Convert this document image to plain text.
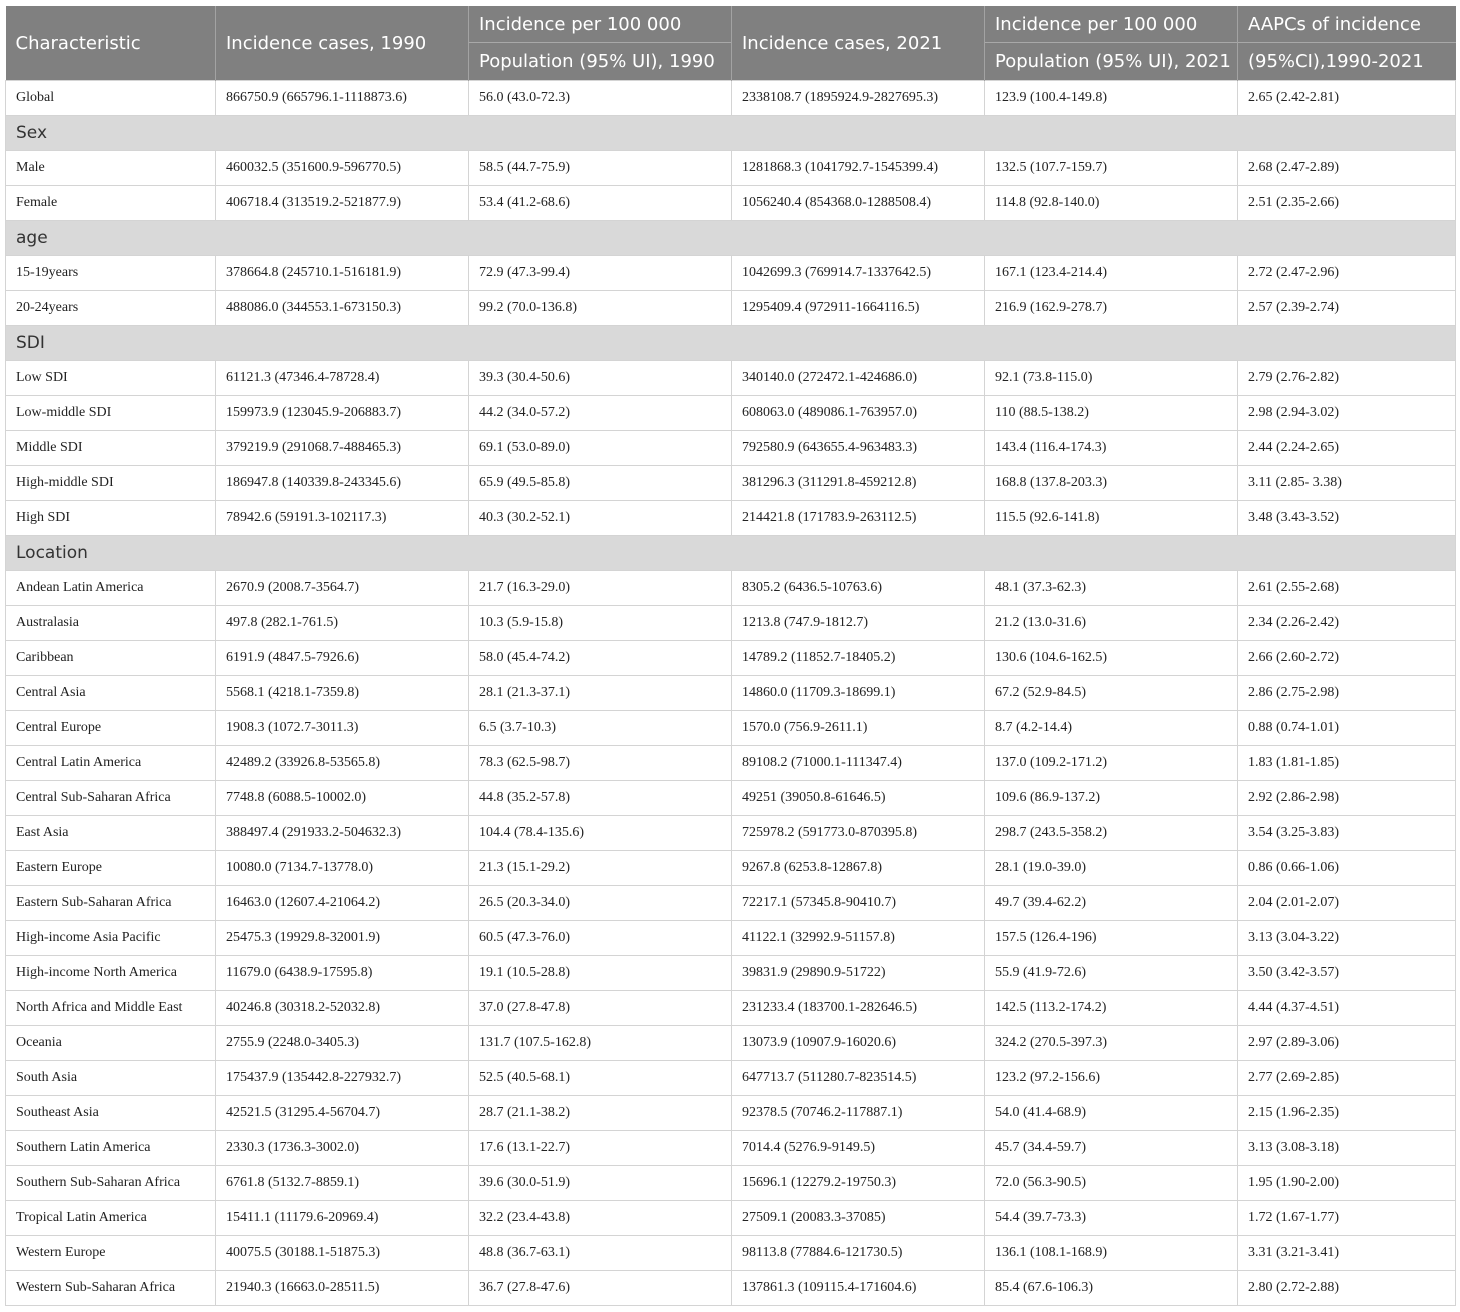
Characteristic	Incidence cases, 1990	Incidence per 100 000	Incidence cases, 2021	Incidence per 100 000	AAPCs of incidence
		Population (95% UI), 1990		Population (95% UI), 2021	(95%CI),1990-2021
Global	866750.9 (665796.1-1118873.6)	56.0 (43.0-72.3)	2338108.7 (1895924.9-2827695.3)	123.9 (100.4-149.8)	2.65 (2.42-2.81)
Sex					
Male	460032.5 (351600.9-596770.5)	58.5 (44.7-75.9)	1281868.3 (1041792.7-1545399.4)	132.5 (107.7-159.7)	2.68 (2.47-2.89)
Female	406718.4 (313519.2-521877.9)	53.4 (41.2-68.6)	1056240.4 (854368.0-1288508.4)	114.8 (92.8-140.0)	2.51 (2.35-2.66)
age					
15-19years	378664.8 (245710.1-516181.9)	72.9 (47.3-99.4)	1042699.3 (769914.7-1337642.5)	167.1 (123.4-214.4)	2.72 (2.47-2.96)
20-24years	488086.0 (344553.1-673150.3)	99.2 (70.0-136.8)	1295409.4 (972911-1664116.5)	216.9 (162.9-278.7)	2.57 (2.39-2.74)
SDI					
Low SDI	61121.3 (47346.4-78728.4)	39.3 (30.4-50.6)	340140.0 (272472.1-424686.0)	92.1 (73.8-115.0)	2.79 (2.76-2.82)
Low-middle SDI	159973.9 (123045.9-206883.7)	44.2 (34.0-57.2)	608063.0 (489086.1-763957.0)	110 (88.5-138.2)	2.98 (2.94-3.02)
Middle SDI	379219.9 (291068.7-488465.3)	69.1 (53.0-89.0)	792580.9 (643655.4-963483.3)	143.4 (116.4-174.3)	2.44 (2.24-2.65)
High-middle SDI	186947.8 (140339.8-243345.6)	65.9 (49.5-85.8)	381296.3 (311291.8-459212.8)	168.8 (137.8-203.3)	3.11 (2.85- 3.38)
High SDI	78942.6 (59191.3-102117.3)	40.3 (30.2-52.1)	214421.8 (171783.9-263112.5)	115.5 (92.6-141.8)	3.48 (3.43-3.52)
Location					
Andean Latin America	2670.9 (2008.7-3564.7)	21.7 (16.3-29.0)	8305.2 (6436.5-10763.6)	48.1 (37.3-62.3)	2.61 (2.55-2.68)
Australasia	497.8 (282.1-761.5)	10.3 (5.9-15.8)	1213.8 (747.9-1812.7)	21.2 (13.0-31.6)	2.34 (2.26-2.42)
Caribbean	6191.9 (4847.5-7926.6)	58.0 (45.4-74.2)	14789.2 (11852.7-18405.2)	130.6 (104.6-162.5)	2.66 (2.60-2.72)
Central Asia	5568.1 (4218.1-7359.8)	28.1 (21.3-37.1)	14860.0 (11709.3-18699.1)	67.2 (52.9-84.5)	2.86 (2.75-2.98)
Central Europe	1908.3 (1072.7-3011.3)	6.5 (3.7-10.3)	1570.0 (756.9-2611.1)	8.7 (4.2-14.4)	0.88 (0.74-1.01)
Central Latin America	42489.2 (33926.8-53565.8)	78.3 (62.5-98.7)	89108.2 (71000.1-111347.4)	137.0 (109.2-171.2)	1.83 (1.81-1.85)
Central Sub-Saharan Africa	7748.8 (6088.5-10002.0)	44.8 (35.2-57.8)	49251 (39050.8-61646.5)	109.6 (86.9-137.2)	2.92 (2.86-2.98)
East Asia	388497.4 (291933.2-504632.3)	104.4 (78.4-135.6)	725978.2 (591773.0-870395.8)	298.7 (243.5-358.2)	3.54 (3.25-3.83)
Eastern Europe	10080.0 (7134.7-13778.0)	21.3 (15.1-29.2)	9267.8 (6253.8-12867.8)	28.1 (19.0-39.0)	0.86 (0.66-1.06)
Eastern Sub-Saharan Africa	16463.0 (12607.4-21064.2)	26.5 (20.3-34.0)	72217.1 (57345.8-90410.7)	49.7 (39.4-62.2)	2.04 (2.01-2.07)
High-income Asia Pacific	25475.3 (19929.8-32001.9)	60.5 (47.3-76.0)	41122.1 (32992.9-51157.8)	157.5 (126.4-196)	3.13 (3.04-3.22)
High-income North America	11679.0 (6438.9-17595.8)	19.1 (10.5-28.8)	39831.9 (29890.9-51722)	55.9 (41.9-72.6)	3.50 (3.42-3.57)
North Africa and Middle East	40246.8 (30318.2-52032.8)	37.0 (27.8-47.8)	231233.4 (183700.1-282646.5)	142.5 (113.2-174.2)	4.44 (4.37-4.51)
Oceania	2755.9 (2248.0-3405.3)	131.7 (107.5-162.8)	13073.9 (10907.9-16020.6)	324.2 (270.5-397.3)	2.97 (2.89-3.06)
South Asia	175437.9 (135442.8-227932.7)	52.5 (40.5-68.1)	647713.7 (511280.7-823514.5)	123.2 (97.2-156.6)	2.77 (2.69-2.85)
Southeast Asia	42521.5 (31295.4-56704.7)	28.7 (21.1-38.2)	92378.5 (70746.2-117887.1)	54.0 (41.4-68.9)	2.15 (1.96-2.35)
Southern Latin America	2330.3 (1736.3-3002.0)	17.6 (13.1-22.7)	7014.4 (5276.9-9149.5)	45.7 (34.4-59.7)	3.13 (3.08-3.18)
Southern Sub-Saharan Africa	6761.8 (5132.7-8859.1)	39.6 (30.0-51.9)	15696.1 (12279.2-19750.3)	72.0 (56.3-90.5)	1.95 (1.90-2.00)
Tropical Latin America	15411.1 (11179.6-20969.4)	32.2 (23.4-43.8)	27509.1 (20083.3-37085)	54.4 (39.7-73.3)	1.72 (1.67-1.77)
Western Europe	40075.5 (30188.1-51875.3)	48.8 (36.7-63.1)	98113.8 (77884.6-121730.5)	136.1 (108.1-168.9)	3.31 (3.21-3.41)
Western Sub-Saharan Africa	21940.3 (16663.0-28511.5)	36.7 (27.8-47.6)	137861.3 (109115.4-171604.6)	85.4 (67.6-106.3)	2.80 (2.72-2.88)
